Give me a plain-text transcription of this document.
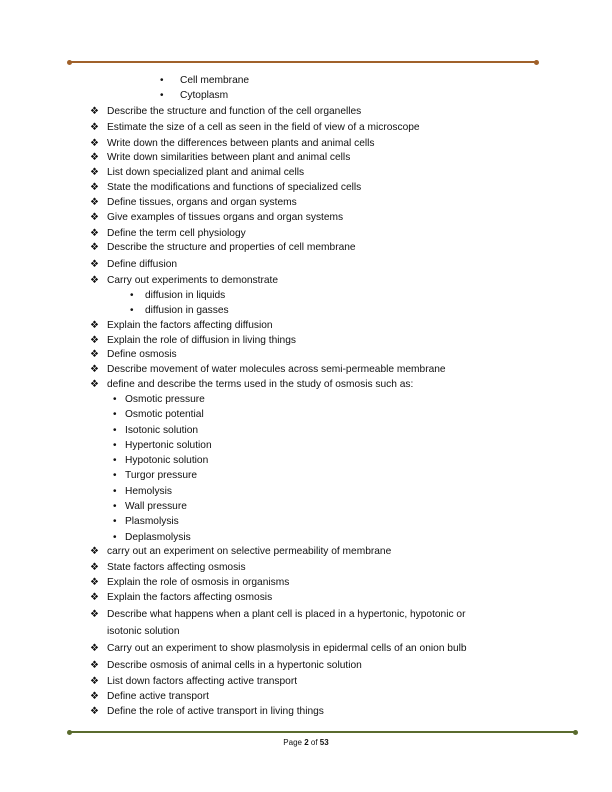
• Cell membrane
• Cytoplasm
❖ Describe the structure and function of the cell organelles
❖ Estimate the size of a cell as seen in the field of view of a microscope
❖ Write down the differences between plants and animal cells
❖ Write down similarities between plant and animal cells
❖ List down specialized plant and animal cells
❖ State the modifications and functions of specialized cells
❖ Define tissues, organs and organ systems
❖ Give examples of tissues organs and organ systems
❖ Define the term cell physiology
❖ Describe the structure and properties of cell membrane
❖ Define diffusion
❖ Carry out experiments to demonstrate
• diffusion in liquids
• diffusion in gasses
❖ Explain the factors affecting diffusion
❖ Explain the role of diffusion in living things
❖ Define osmosis
❖ Describe movement of water molecules across semi-permeable membrane
❖ define and describe the terms used in the study of osmosis such as:
• Osmotic pressure
• Osmotic potential
• Isotonic solution
• Hypertonic solution
• Hypotonic solution
• Turgor pressure
• Hemolysis
• Wall pressure
• Plasmolysis
• Deplasmolysis
❖ carry out an experiment on selective permeability of membrane
❖ State factors affecting osmosis
❖ Explain the role of osmosis in organisms
❖ Explain the factors affecting osmosis
❖ Describe what happens when a plant cell is placed in a hypertonic, hypotonic or
isotonic solution
❖ Carry out an experiment to show plasmolysis in epidermal cells of an onion bulb
❖ Describe osmosis of animal cells in a hypertonic solution
❖ List down factors affecting active transport
❖ Define active transport
❖ Define the role of active transport in living things
Page 2 of 53
